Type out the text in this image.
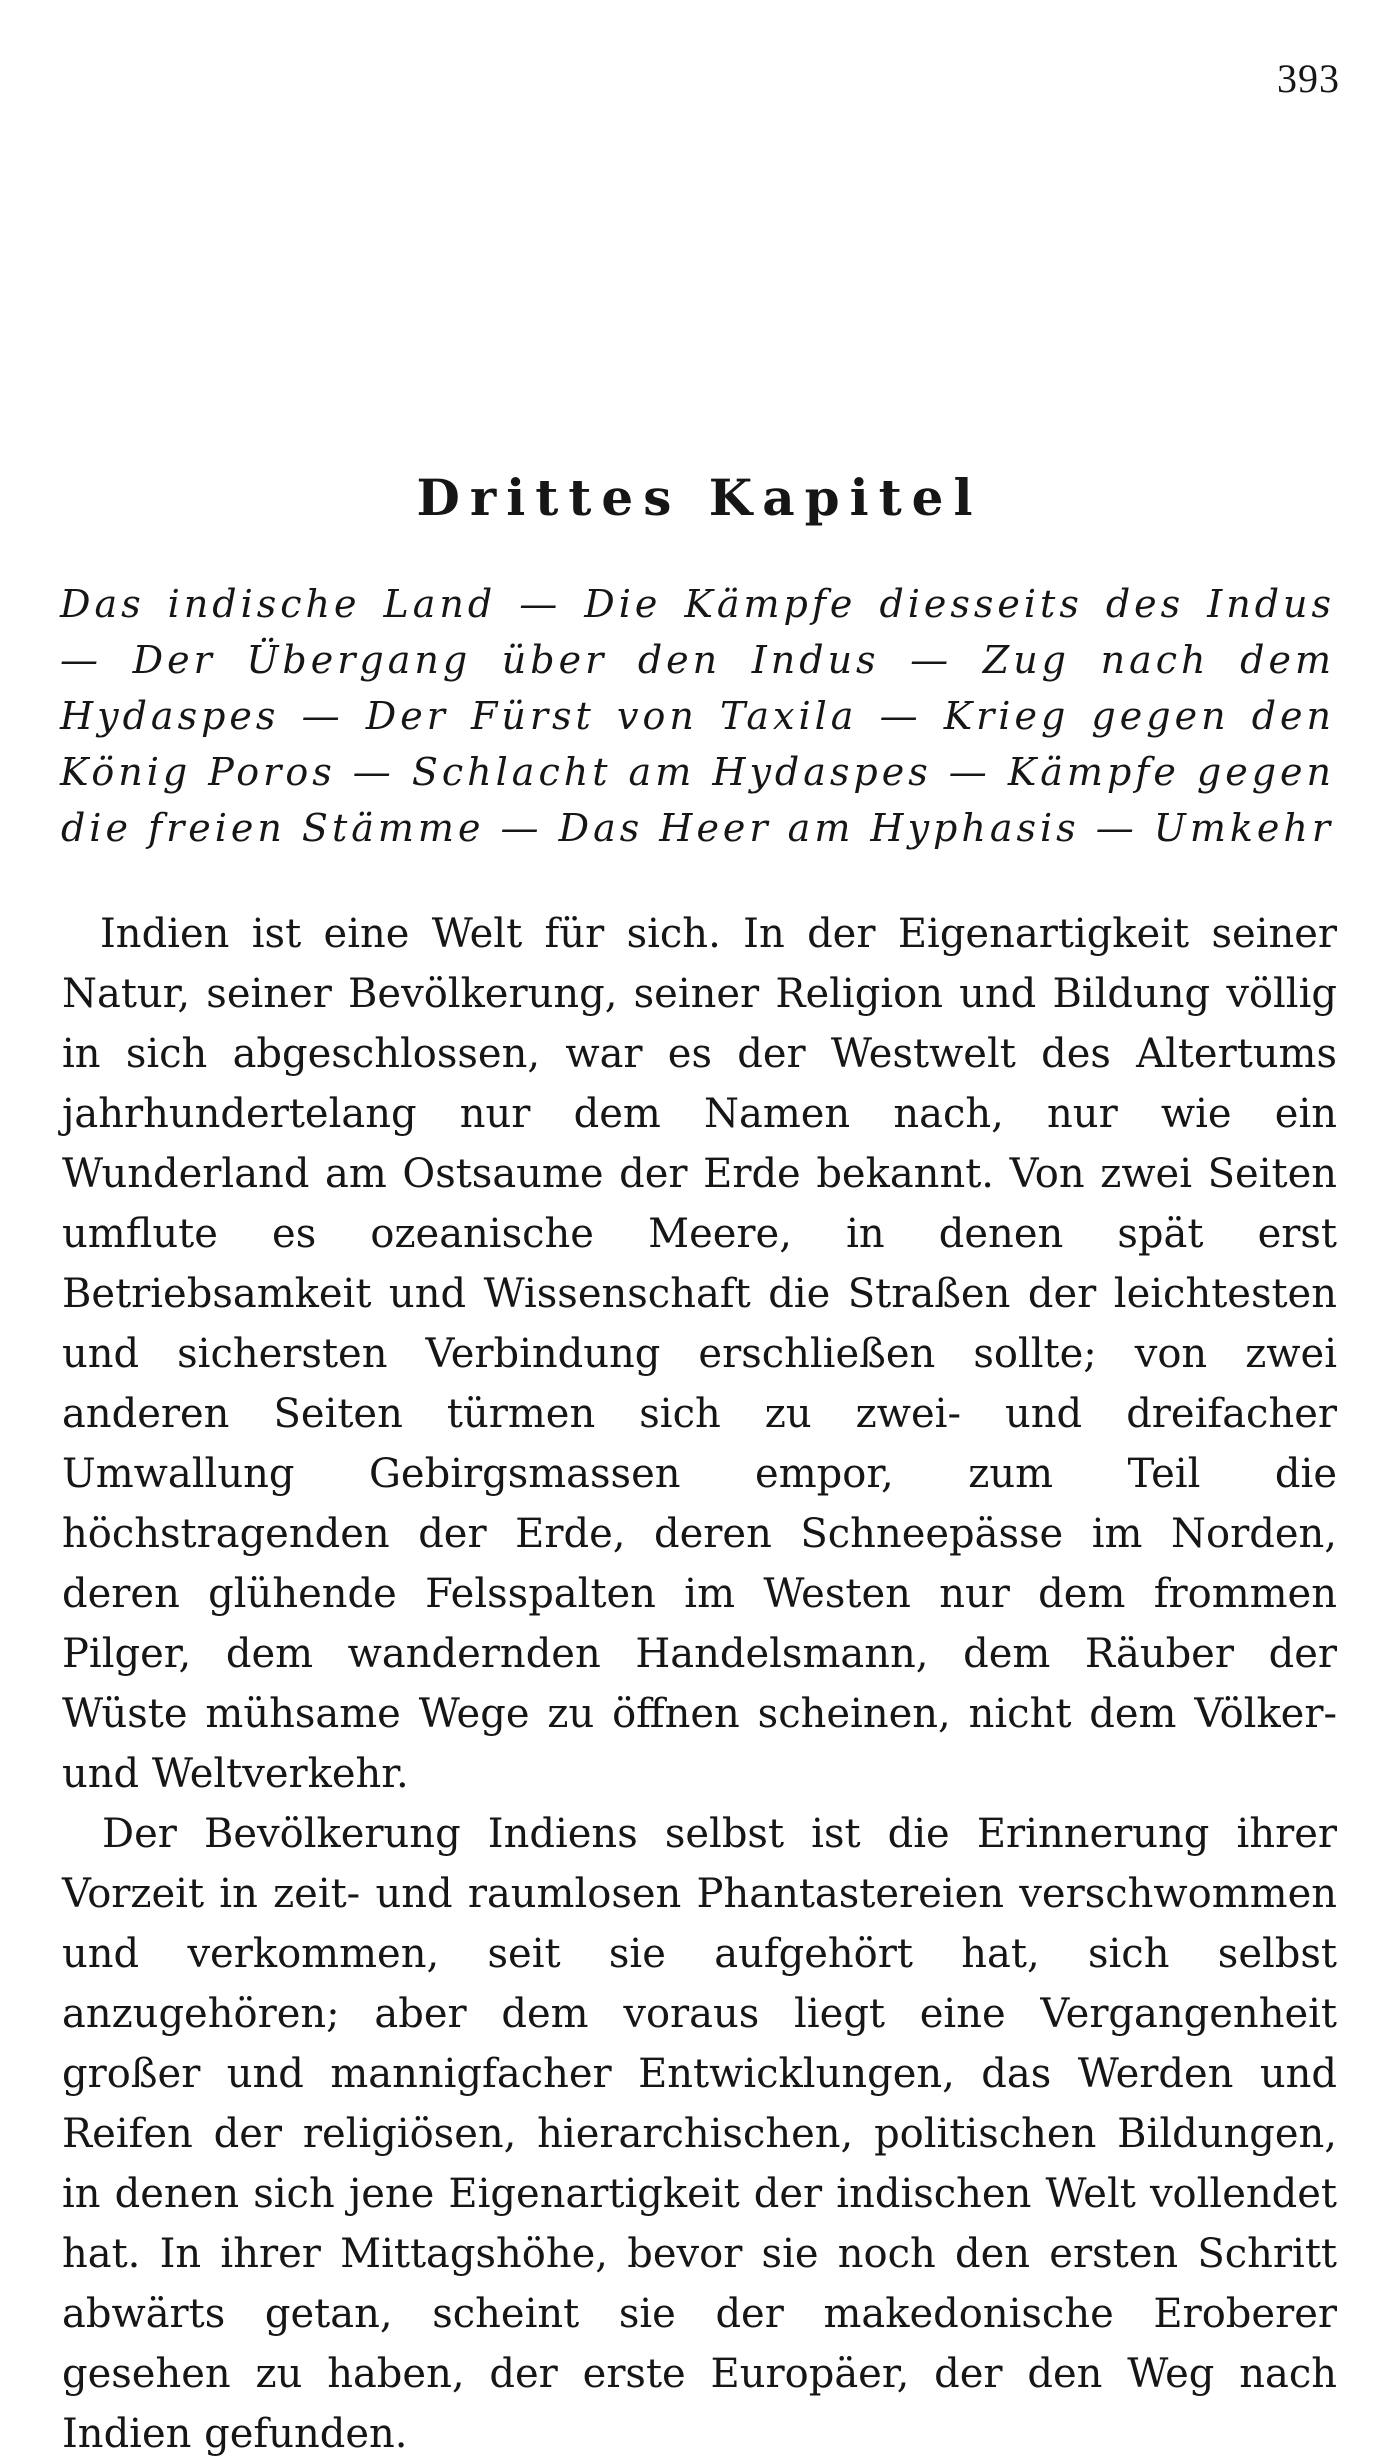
393
Drittes Kapitel
Das indische Land — Die Kämpfe diesseits des Indus — Der Übergang über den Indus — Zug nach dem Hydaspes — Der Fürst von Taxila — Krieg gegen den König Poros — Schlacht am Hydaspes — Kämpfe gegen die freien Stämme — Das Heer am Hyphasis — Umkehr

Indien ist eine Welt für sich. In der Eigenartigkeit seiner Natur, seiner Bevölkerung, seiner Religion und Bildung völlig in sich abgeschlossen, war es der Westwelt des Altertums jahrhundertelang nur dem Namen nach, nur wie ein Wunderland am Ostsaume der Erde bekannt. Von zwei Seiten umflute es ozeanische Meere, in denen spät erst Betriebsamkeit und Wissenschaft die Straßen der leichtesten und sichersten Verbindung erschließen sollte; von zwei anderen Seiten türmen sich zu zwei- und dreifacher Umwallung Gebirgsmassen empor, zum Teil die höchstragenden der Erde, deren Schneepässe im Norden, deren glühende Felsspalten im Westen nur dem frommen Pilger, dem wandernden Handelsmann, dem Räuber der Wüste mühsame Wege zu öffnen scheinen, nicht dem Völker- und Weltverkehr.

Der Bevölkerung Indiens selbst ist die Erinnerung ihrer Vorzeit in zeit- und raumlosen Phantastereien verschwommen und verkommen, seit sie aufgehört hat, sich selbst anzugehören; aber dem voraus liegt eine Vergangenheit großer und mannigfacher Entwicklungen, das Werden und Reifen der religiösen, hierarchischen, politischen Bildungen, in denen sich jene Eigenartigkeit der indischen Welt vollendet hat. In ihrer Mittagshöhe, bevor sie noch den ersten Schritt abwärts getan, scheint sie der makedonische Eroberer gesehen zu haben, der erste Europäer, der den Weg nach Indien gefunden.
